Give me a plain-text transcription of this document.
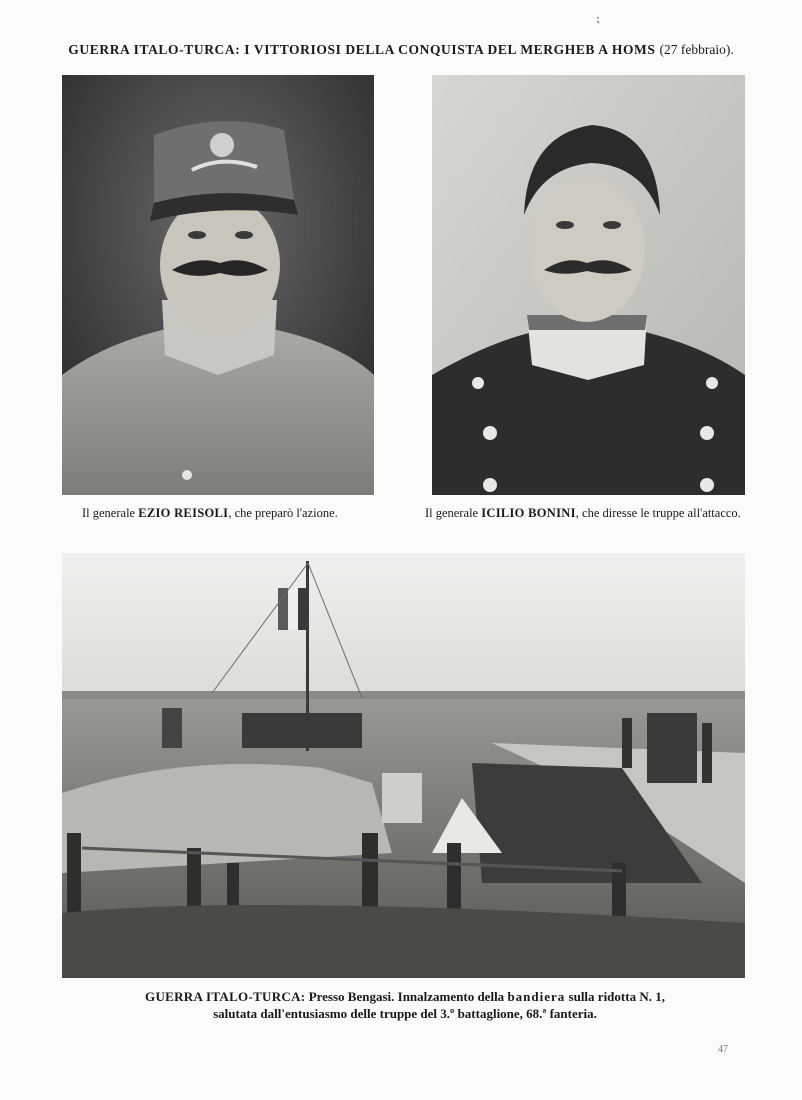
⁏
GUERRA ITALO-TURCA: I VITTORIOSI DELLA CONQUISTA DEL MERGHEB A HOMS (27 febbraio).
Il generale EZIO REISOLI, che preparò l'azione.	Il generale ICILIO BONINI, che diresse le truppe all'attacco.
GUERRA ITALO-TURCA: Presso Bengasi. Innalzamento della bandiera sulla ridotta N. 1,
salutata dall'entusiasmo delle truppe del 3.º battaglione, 68.ª fanteria.
47
